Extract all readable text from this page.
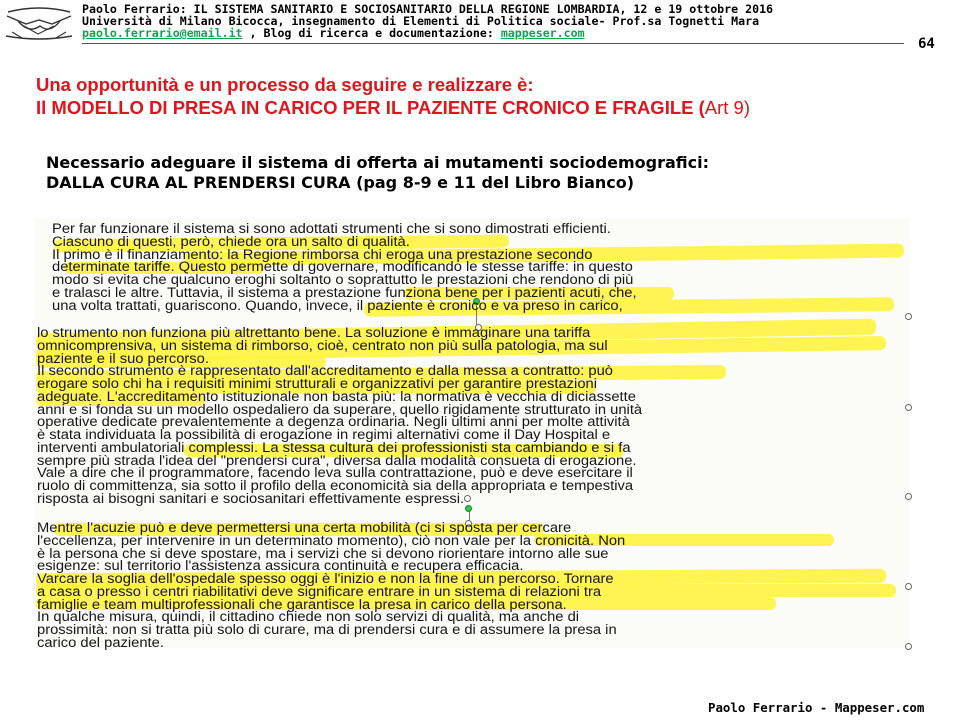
Paolo Ferrario: IL SISTEMA SANITARIO E SOCIOSANITARIO DELLA REGIONE LOMBARDIA, 12 e 19 ottobre 2016
Università di Milano Bicocca, insegnamento di Elementi di Politica sociale- Prof.sa Tognetti Mara
paolo.ferrario@email.it , Blog di ricerca e documentazione: mappeser.com
64
Una opportunità e un processo da seguire e realizzare è:
Il MODELLO DI PRESA IN CARICO PER IL PAZIENTE CRONICO E FRAGILE (Art 9)
Necessario adeguare il sistema di offerta ai mutamenti sociodemografici:
DALLA CURA AL PRENDERSI CURA (pag 8-9 e 11 del Libro Bianco)
Per far funzionare il sistema si sono adottati strumenti che si sono dimostrati efficienti.
Ciascuno di questi, però, chiede ora un salto di qualità.
Il primo è il finanziamento: la Regione rimborsa chi eroga una prestazione secondo
determinate tariffe. Questo permette di governare, modificando le stesse tariffe: in questo
modo si evita che qualcuno eroghi soltanto o soprattutto le prestazioni che rendono di più
e tralasci le altre. Tuttavia, il sistema a prestazione funziona bene per i pazienti acuti, che,
una volta trattati, guariscono. Quando, invece, il paziente è cronico e va preso in carico,
lo strumento non funziona più altrettanto bene. La soluzione è immaginare una tariffa
omnicomprensiva, un sistema di rimborso, cioè, centrato non più sulla patologia, ma sul
paziente e il suo percorso.
Il secondo strumento è rappresentato dall'accreditamento e dalla messa a contratto: può
erogare solo chi ha i requisiti minimi strutturali e organizzativi per garantire prestazioni
adeguate. L'accreditamento istituzionale non basta più: la normativa è vecchia di diciassette
anni e si fonda su un modello ospedaliero da superare, quello rigidamente strutturato in unità
operative dedicate prevalentemente a degenza ordinaria. Negli ultimi anni per molte attività
è stata individuata la possibilità di erogazione in regimi alternativi come il Day Hospital e
interventi ambulatoriali complessi. La stessa cultura dei professionisti sta cambiando e si fa
sempre più strada l'idea del "prendersi cura", diversa dalla modalità consueta di erogazione.
Vale a dire che il programmatore, facendo leva sulla contrattazione, può e deve esercitare il
ruolo di committenza, sia sotto il profilo della economicità sia della appropriata e tempestiva
risposta ai bisogni sanitari e sociosanitari effettivamente espressi.
Mentre l'acuzie può e deve permettersi una certa mobilità (ci si sposta per cercare
l'eccellenza, per intervenire in un determinato momento), ciò non vale per la cronicità. Non
è la persona che si deve spostare, ma i servizi che si devono riorientare intorno alle sue
esigenze: sul territorio l'assistenza assicura continuità e recupera efficacia.
Varcare la soglia dell'ospedale spesso oggi è l'inizio e non la fine di un percorso. Tornare
a casa o presso i centri riabilitativi deve significare entrare in un sistema di relazioni tra
famiglie e team multiprofessionali che garantisce la presa in carico della persona.
In qualche misura, quindi, il cittadino chiede non solo servizi di qualità, ma anche di
prossimità: non si tratta più solo di curare, ma di prendersi cura e di assumere la presa in
carico del paziente.
Paolo Ferrario - Mappeser.com
